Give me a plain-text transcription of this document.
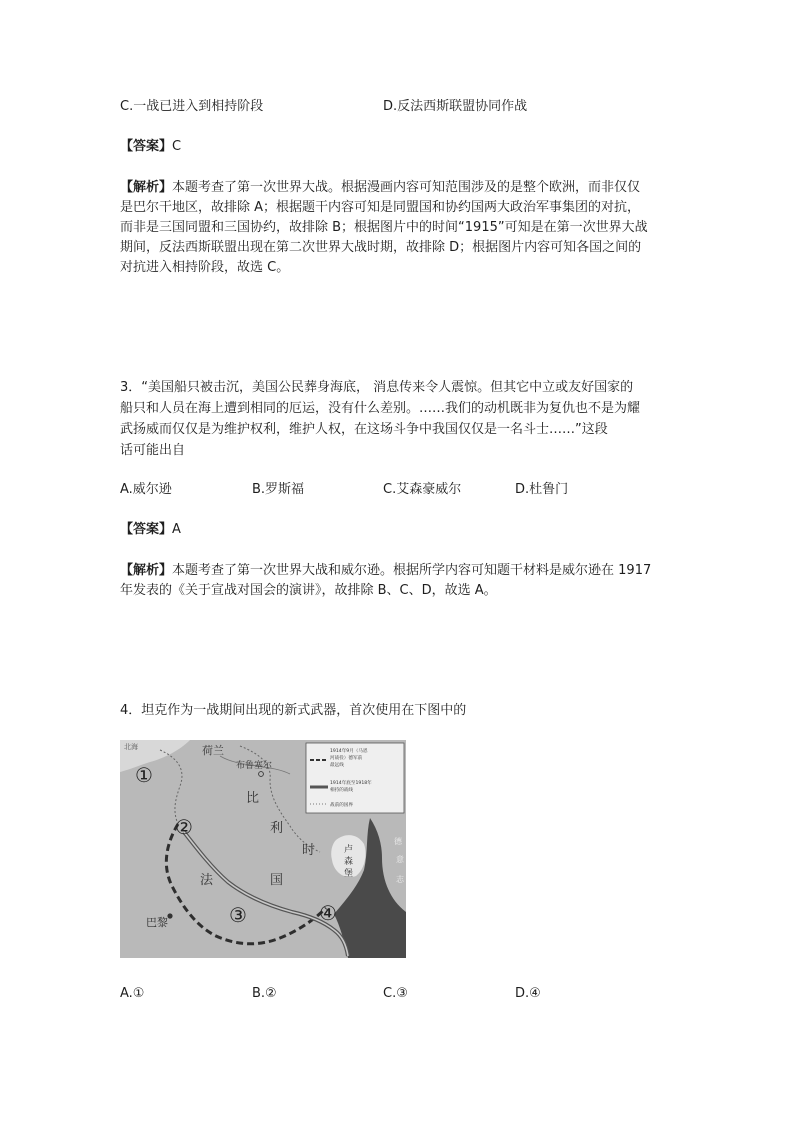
C.一战已进入到相持阶段	D.反法西斯联盟协同作战
【答案】C
【解析】本题考查了第一次世界大战。根据漫画内容可知范围涉及的是整个欧洲，而非仅仅
是巴尔干地区，故排除 A；根据题干内容可知是同盟国和协约国两大政治军事集团的对抗，
而非是三国同盟和三国协约，故排除 B；根据图片中的时间“1915”可知是在第一次世界大战
期间，反法西斯联盟出现在第二次世界大战时期，故排除 D；根据图片内容可知各国之间的
对抗进入相持阶段，故选 C。
3．“美国船只被击沉，美国公民葬身海底， 消息传来令人震惊。但其它中立或友好国家的
船只和人员在海上遭到相同的厄运，没有什么差别。……我们的动机既非为复仇也不是为耀
武扬威而仅仅是为维护权利，维护人权，在这场斗争中我国仅仅是一名斗士……”这段
话可能出自
A.威尔逊	B.罗斯福	C.艾森豪威尔	D.杜鲁门
【答案】A
【解析】本题考查了第一次世界大战和威尔逊。根据所学内容可知题干材料是威尔逊在 1917
年发表的《关于宣战对国会的演讲》，故排除 B、C、D，故选 A。
4．坦克作为一战期间出现的新式武器，首次使用在下图中的
1914年9月（马恩
河战役）德军前
最远线
1914年底至1918年
相持的战线
战前的国界
北海	荷兰
布鲁塞尔
比
利
时
法	国
巴黎
卢
森
堡
德
意
志
①
②
③	④
A.①	B.②	C.③	D.④
